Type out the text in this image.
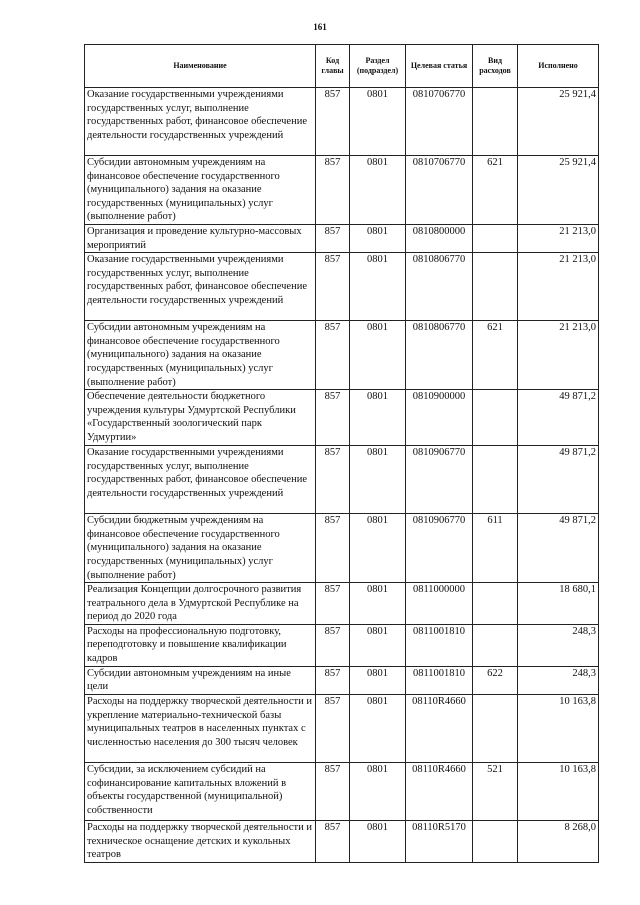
161
Наименование	Код главы	Раздел (подраздел)	Целевая статья	Вид расходов	Исполнено
Оказание государственными учреждениями государственных услуг, выполнение государственных работ, финансовое обеспечение деятельности государственных учреждений	857	0801	0810706770		25 921,4
Субсидии автономным учреждениям на финансовое обеспечение государственного (муниципального) задания на оказание государственных (муниципальных) услуг (выполнение работ)	857	0801	0810706770	621	25 921,4
Организация и проведение культурно-массовых мероприятий	857	0801	0810800000		21 213,0
Оказание государственными учреждениями государственных услуг, выполнение государственных работ, финансовое обеспечение деятельности государственных учреждений	857	0801	0810806770		21 213,0
Субсидии автономным учреждениям на финансовое обеспечение государственного (муниципального) задания на оказание государственных (муниципальных) услуг (выполнение работ)	857	0801	0810806770	621	21 213,0
Обеспечение деятельности бюджетного учреждения культуры Удмуртской Республики «Государственный зоологический парк Удмуртии»	857	0801	0810900000		49 871,2
Оказание государственными учреждениями государственных услуг, выполнение государственных работ, финансовое обеспечение деятельности государственных учреждений	857	0801	0810906770		49 871,2
Субсидии бюджетным учреждениям на финансовое обеспечение государственного (муниципального) задания на оказание государственных (муниципальных) услуг (выполнение работ)	857	0801	0810906770	611	49 871,2
Реализация Концепции долгосрочного развития театрального дела в Удмуртской Республике на период до 2020 года	857	0801	0811000000		18 680,1
Расходы на профессиональную подготовку, переподготовку и повышение квалификации кадров	857	0801	0811001810		248,3
Субсидии автономным учреждениям на иные цели	857	0801	0811001810	622	248,3
Расходы на поддержку творческой деятельности и укрепление материально-технической базы муниципальных театров в населенных пунктах с численностью населения до 300 тысяч человек	857	0801	08110R4660		10 163,8
Субсидии, за исключением субсидий на софинансирование капитальных вложений в объекты государственной (муниципальной) собственности	857	0801	08110R4660	521	10 163,8
Расходы на поддержку творческой деятельности и техническое оснащение детских и кукольных театров	857	0801	08110R5170		8 268,0
